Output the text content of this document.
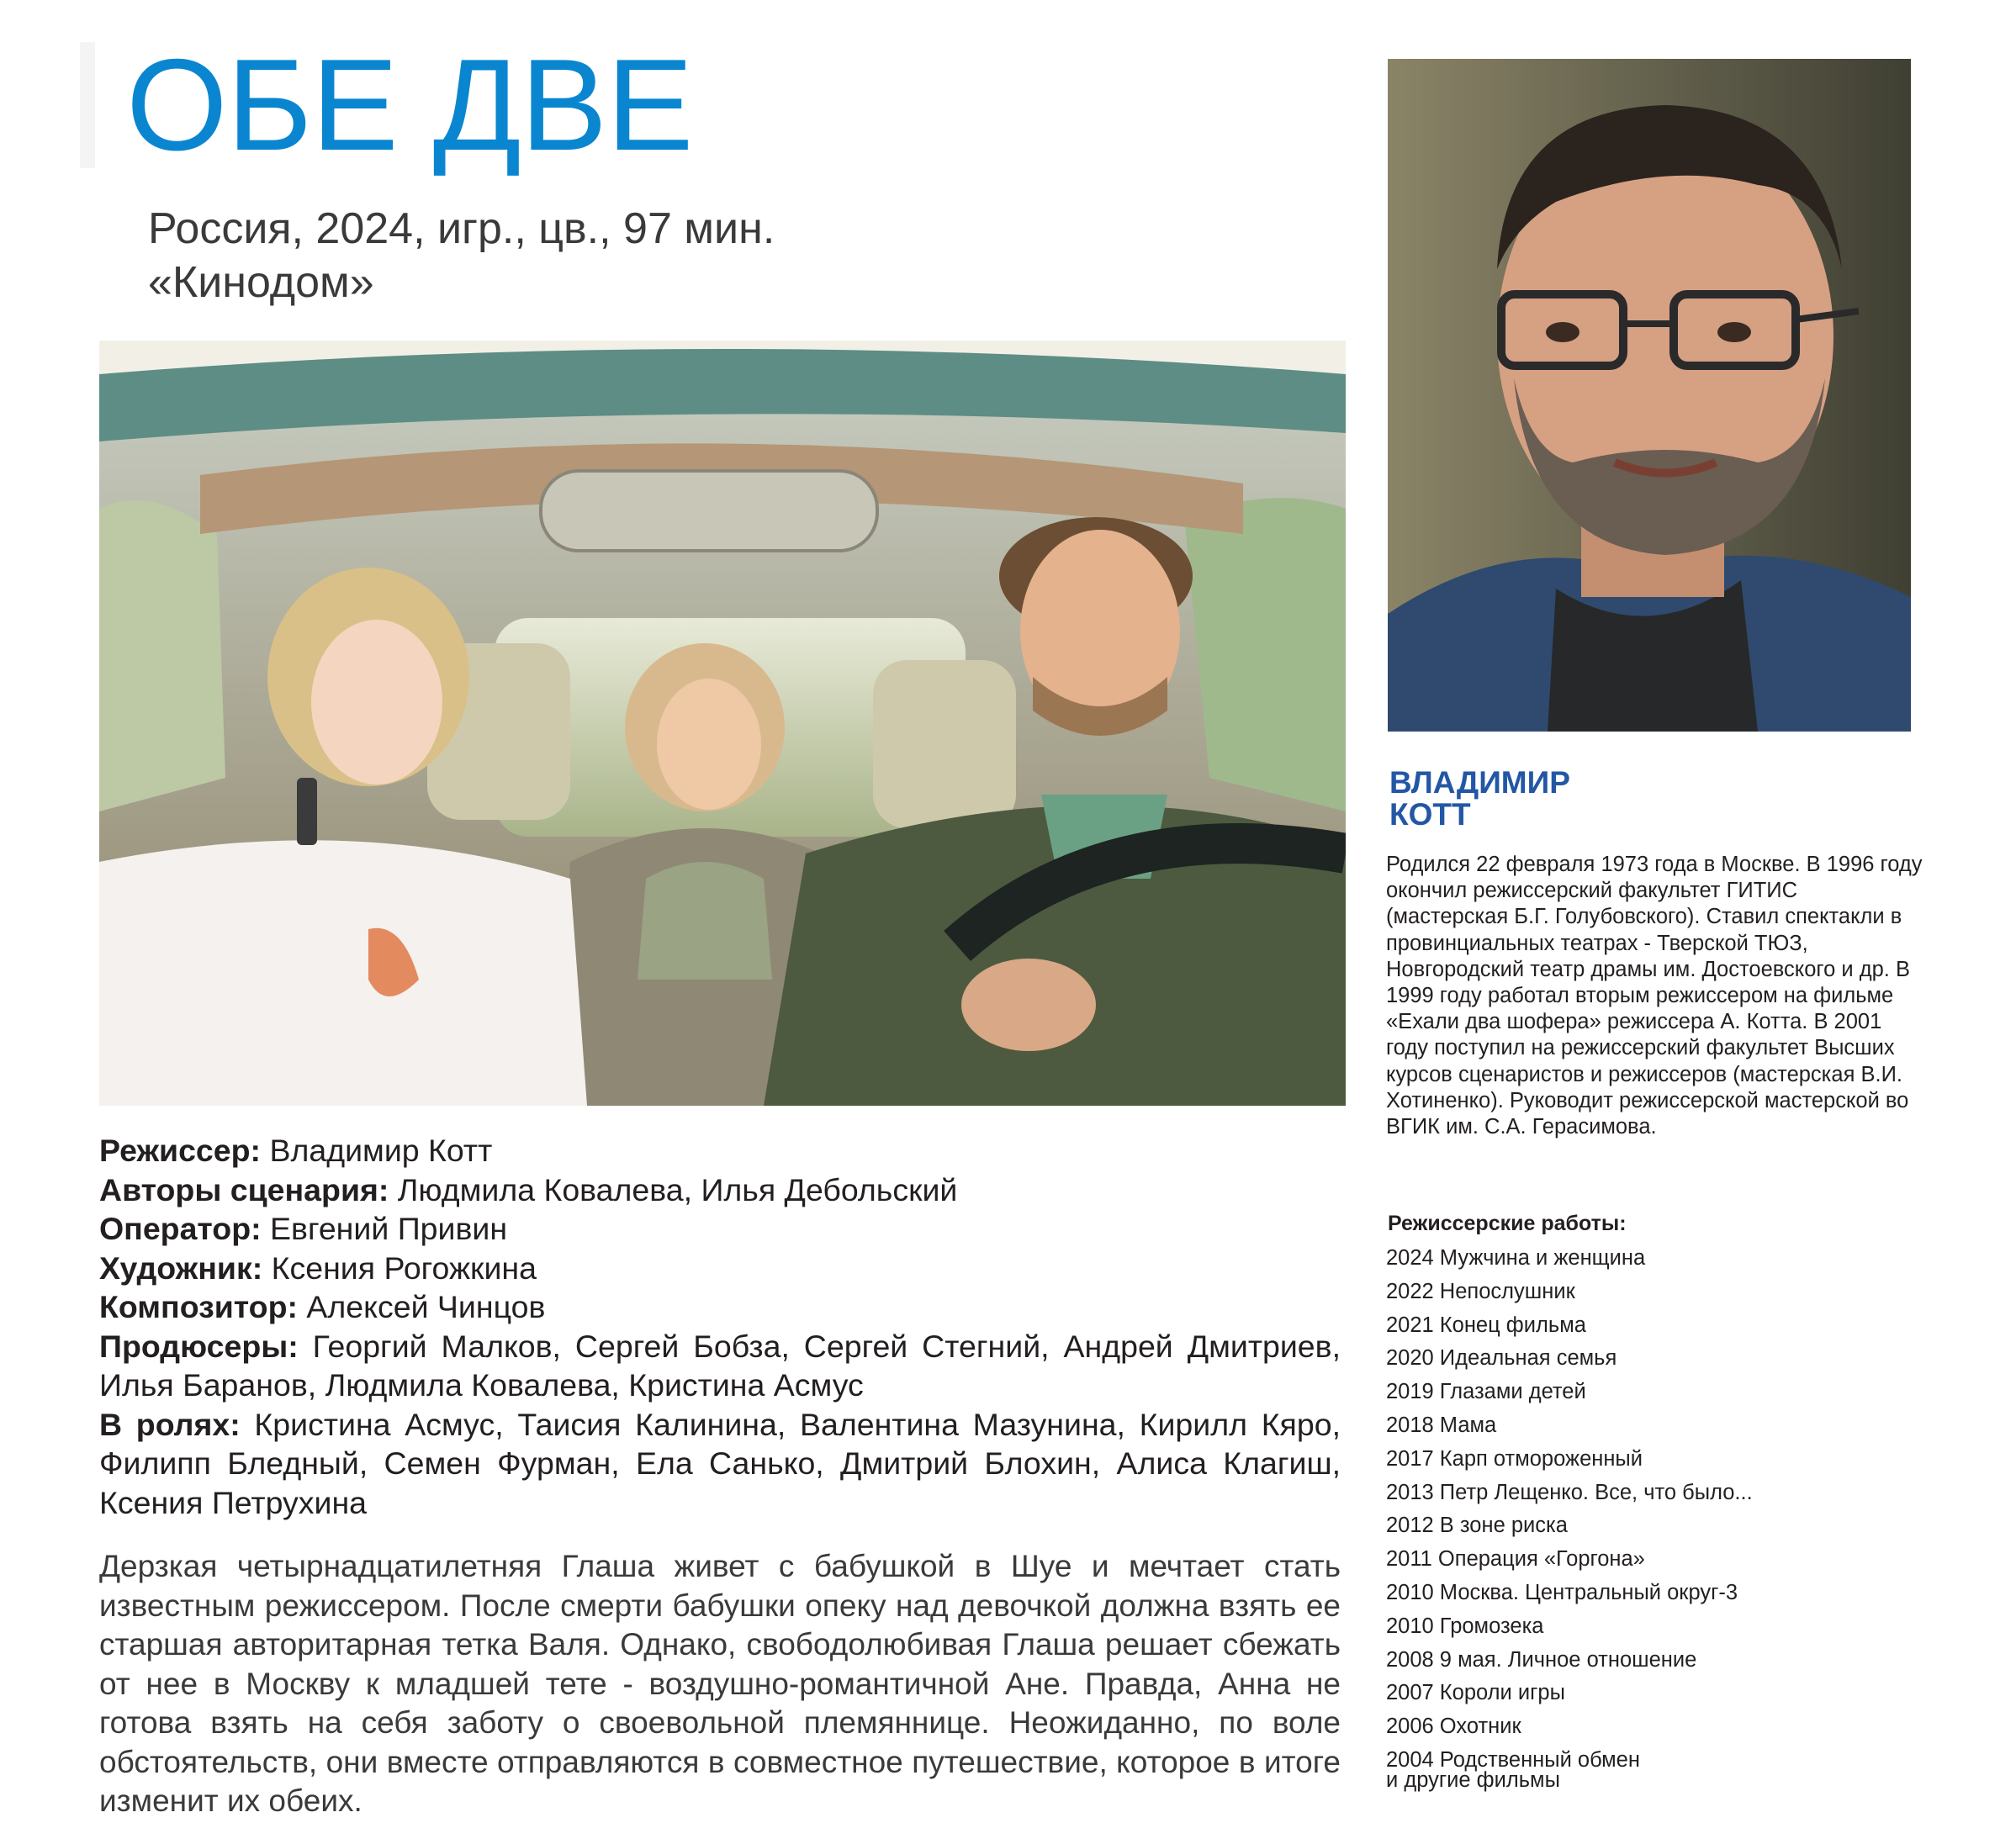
ОБЕ ДВЕ
Россия, 2024, игр., цв., 97 мин.
«Кинодом»
Режиссер: Владимир Котт
Авторы сценария: Людмила Ковалева, Илья Дебольский
Оператор: Евгений Привин
Художник: Ксения Рогожкина
Композитор: Алексей Чинцов
Продюсеры: Георгий Малков, Сергей Бобза, Сергей Стегний, Андрей Дмитриев, Илья Баранов, Людмила Ковалева, Кристина Асмус
В ролях: Кристина Асмус, Таисия Калинина, Валентина Мазунина, Кирилл Кяро, Филипп Бледный, Семен Фурман, Ела Санько, Дмитрий Блохин, Алиса Клагиш, Ксения Петрухина
Дерзкая четырнадцатилетняя Глаша живет с бабушкой в Шуе и мечтает стать известным режиссером. После смерти бабушки опеку над девочкой должна взять ее старшая авторитарная тетка Валя. Однако, свободолюбивая Глаша решает сбежать от нее в Москву к младшей тете - воздушно-романтичной Ане. Правда, Анна не готова взять на себя заботу о своевольной племяннице. Неожиданно, по воле обстоятельств, они вместе отправляются в совместное путешествие, которое в итоге изменит их обеих.
ВЛАДИМИР
КОТТ
Родился 22 февраля 1973 года в Москве. В 1996 году окончил режиссерский факультет ГИТИС (мастерская Б.Г. Голубовского). Ставил спектакли в провинциальных театрах - Тверской ТЮЗ, Новгородский театр драмы им. Достоевского и др. В 1999 году работал вторым режиссером на фильме «Ехали два шофера» режиссера А. Котта. В 2001 году поступил на режиссерский факультет Высших курсов сценаристов и режиссеров (мастерская В.И. Хотиненко). Руководит режиссерской мастерской во ВГИК им. С.А. Герасимова.
Режиссерские работы:
2024 Мужчина и женщина
2022 Непослушник
2021 Конец фильма
2020 Идеальная семья
2019 Глазами детей
2018 Мама
2017 Карп отмороженный
2013 Петр Лещенко. Все, что было...
2012 В зоне риска
2011 Операция «Горгона»
2010 Москва. Центральный округ-3
2010 Громозека
2008 9 мая. Личное отношение
2007 Короли игры
2006 Охотник
2004 Родственный обмен
и другие фильмы
